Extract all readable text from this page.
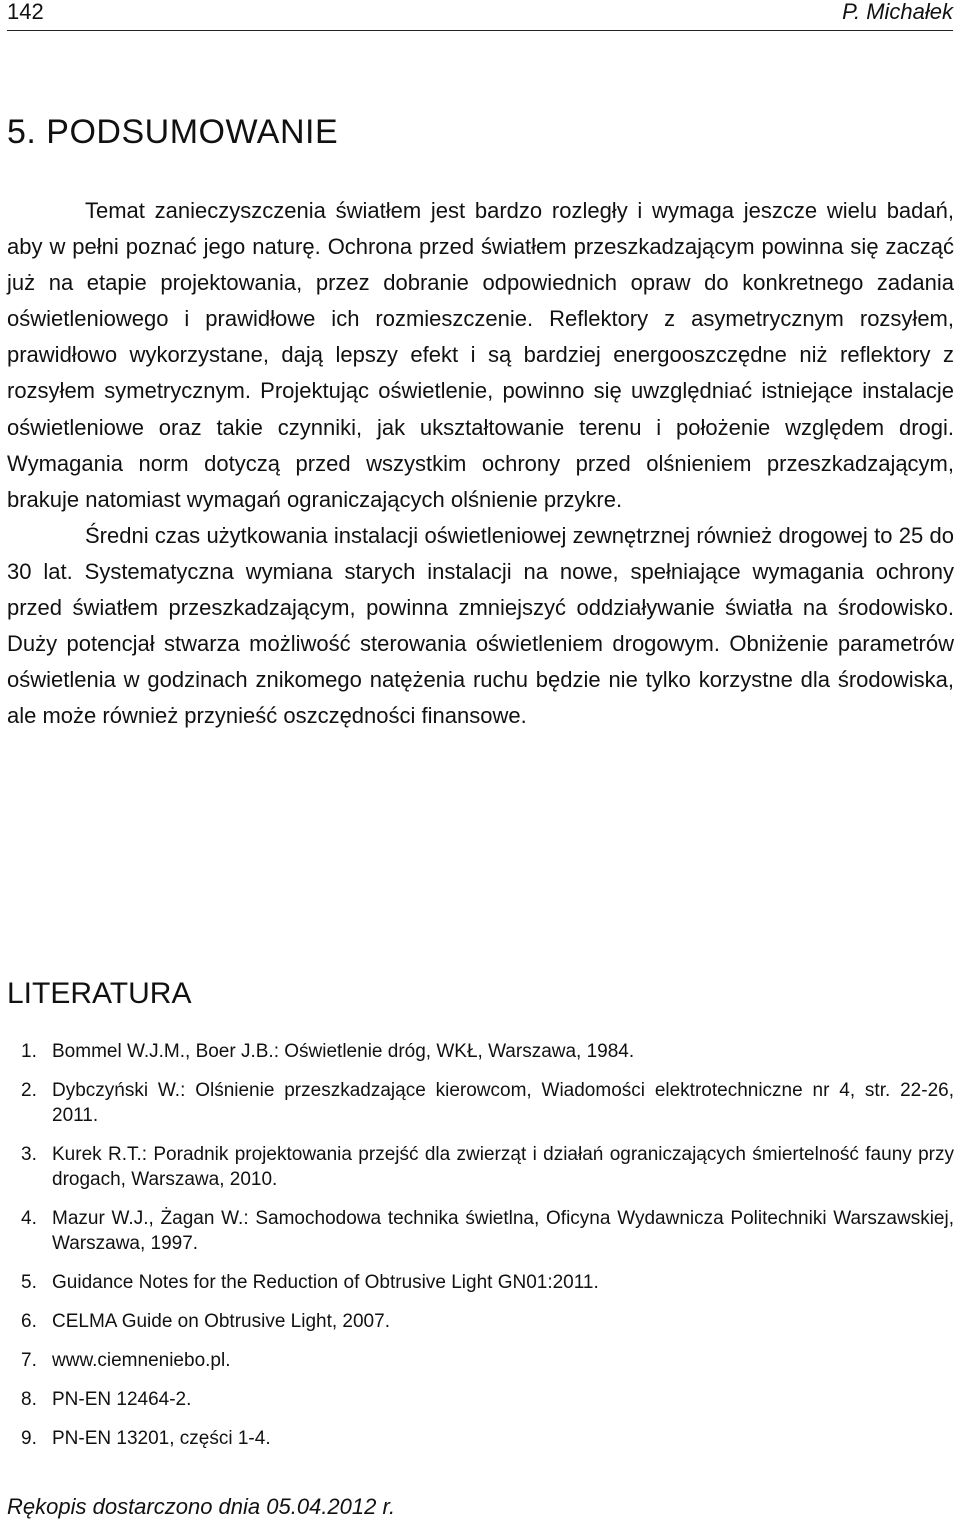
142	P. Michałek
5. PODSUMOWANIE

Temat zanieczyszczenia światłem jest bardzo rozległy i wymaga jeszcze wielu badań, aby w pełni poznać jego naturę. Ochrona przed światłem przeszkadzającym powinna się zacząć już na etapie projektowania, przez dobranie odpowiednich opraw do konkretnego zadania oświetleniowego i prawidłowe ich rozmieszczenie. Reflektory z asymetrycznym rozsyłem, prawidłowo wykorzystane, dają lepszy efekt i są bardziej energooszczędne niż reflektory z rozsyłem symetrycznym. Projektując oświetlenie, powinno się uwzględniać istniejące instalacje oświetleniowe oraz takie czynniki, jak ukształtowanie terenu i położenie względem drogi. Wymagania norm dotyczą przed wszystkim ochrony przed olśnieniem przeszkadzającym, brakuje natomiast wymagań ograniczających olśnienie przykre.

Średni czas użytkowania instalacji oświetleniowej zewnętrznej również drogowej to 25 do 30 lat. Systematyczna wymiana starych instalacji na nowe, spełniające wymagania ochrony przed światłem przeszkadzającym, powinna zmniejszyć oddziaływanie światła na środowisko. Duży potencjał stwarza możliwość sterowania oświetleniem drogowym. Obniżenie parametrów oświetlenia w godzinach znikomego natężenia ruchu będzie nie tylko korzystne dla środowiska, ale może również przynieść oszczędności finansowe.

LITERATURA
1. Bommel W.J.M., Boer J.B.: Oświetlenie dróg, WKŁ, Warszawa, 1984.
2. Dybczyński W.: Olśnienie przeszkadzające kierowcom, Wiadomości elektrotechniczne nr 4, str. 22-26, 2011.
3. Kurek R.T.: Poradnik projektowania przejść dla zwierząt i działań ograniczających śmiertelność fauny przy drogach, Warszawa, 2010.
4. Mazur W.J., Żagan W.: Samochodowa technika świetlna, Oficyna Wydawnicza Politechniki Warszawskiej, Warszawa, 1997.
5. Guidance Notes for the Reduction of Obtrusive Light GN01:2011.
6. CELMA Guide on Obtrusive Light, 2007.
7. www.ciemneniebo.pl.
8. PN-EN 12464-2.
9. PN-EN 13201, części 1-4.
Rękopis dostarczono dnia 05.04.2012 r.
